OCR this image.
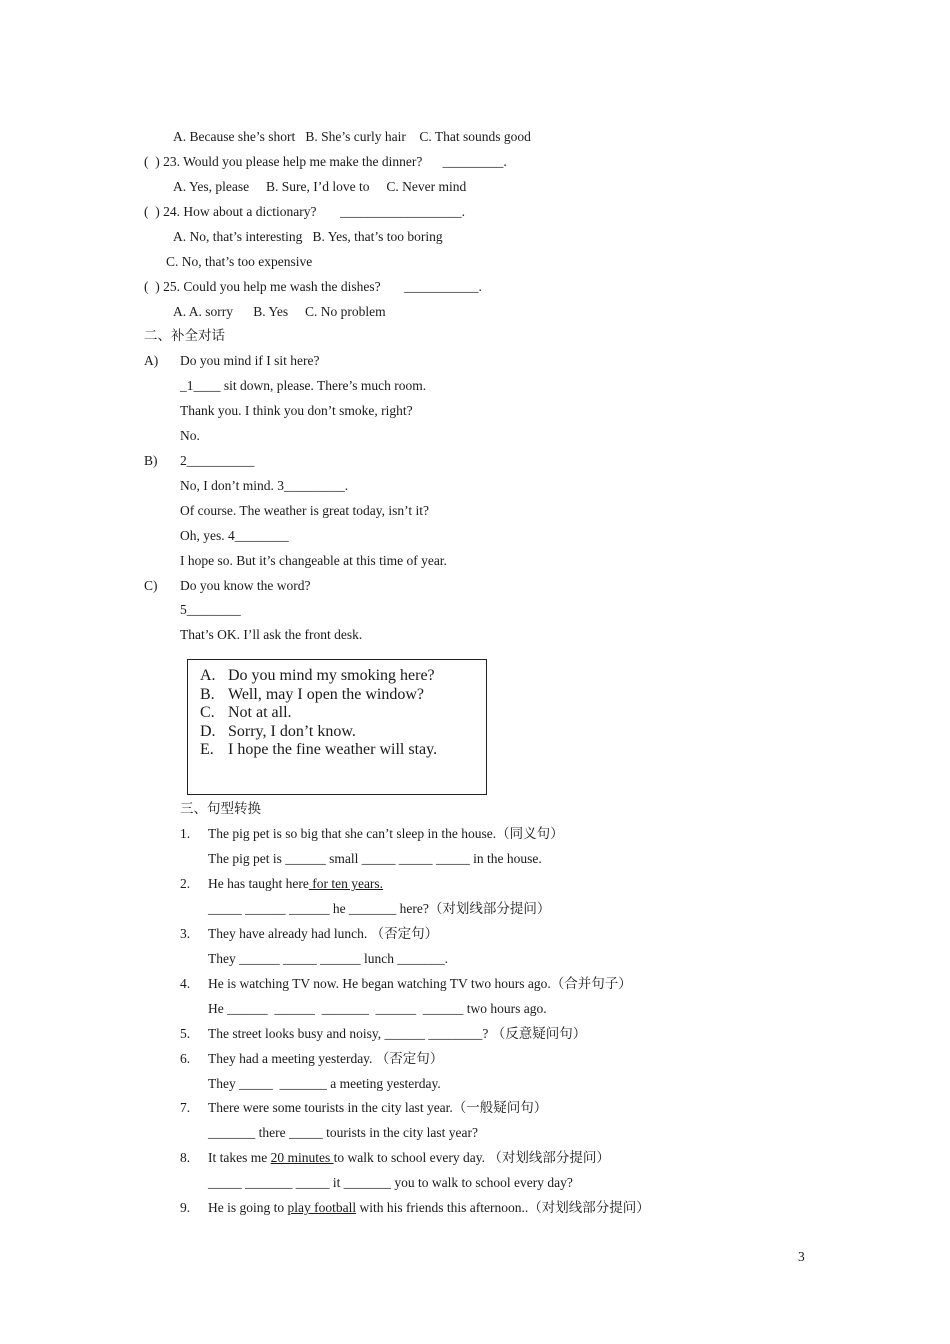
A. Because she’s short   B. She’s curly hair    C. That sounds good
(  ) 23. Would you please help me make the dinner?      _________.
A. Yes, please     B. Sure, I’d love to     C. Never mind
(  ) 24. How about a dictionary?       __________________.
A. No, that’s interesting   B. Yes, that’s too boring
C. No, that’s too expensive
(  ) 25. Could you help me wash the dishes?       ___________.
A. A. sorry      B. Yes     C. No problem
二、补全对话
A) Do you mind if I sit here?
_1____ sit down, please. There’s much room.
Thank you. I think you don’t smoke, right?
No.
B) 2__________
No, I don’t mind. 3_________.
Of course. The weather is great today, isn’t it?
Oh, yes. 4________
I hope so. But it’s changeable at this time of year.
C) Do you know the word?
5________
That’s OK. I’ll ask the front desk.
A. Do you mind my smoking here?
B. Well, may I open the window?
C. Not at all.
D. Sorry, I don’t know.
E. I hope the fine weather will stay.
三、句型转换
1. The pig pet is so big that she can’t sleep in the house.（同义句）
The pig pet is ______ small _____ _____ _____ in the house.
2. He has taught here for ten years.
_____ ______ ______ he _______ here?（对划线部分提问）
3. They have already had lunch. （否定句）
They ______ _____ ______ lunch _______.
4. He is watching TV now. He began watching TV two hours ago.（合并句子）
He ______  ______  _______  ______  ______ two hours ago.
5. The street looks busy and noisy, ______ ________? （反意疑问句）
6. They had a meeting yesterday. （否定句）
They _____  _______ a meeting yesterday.
7. There were some tourists in the city last year.（一般疑问句）
_______ there _____ tourists in the city last year?
8. It takes me 20 minutes to walk to school every day. （对划线部分提问）
_____ _______ _____ it _______ you to walk to school every day?
9. He is going to play football with his friends this afternoon..（对划线部分提问）
3
